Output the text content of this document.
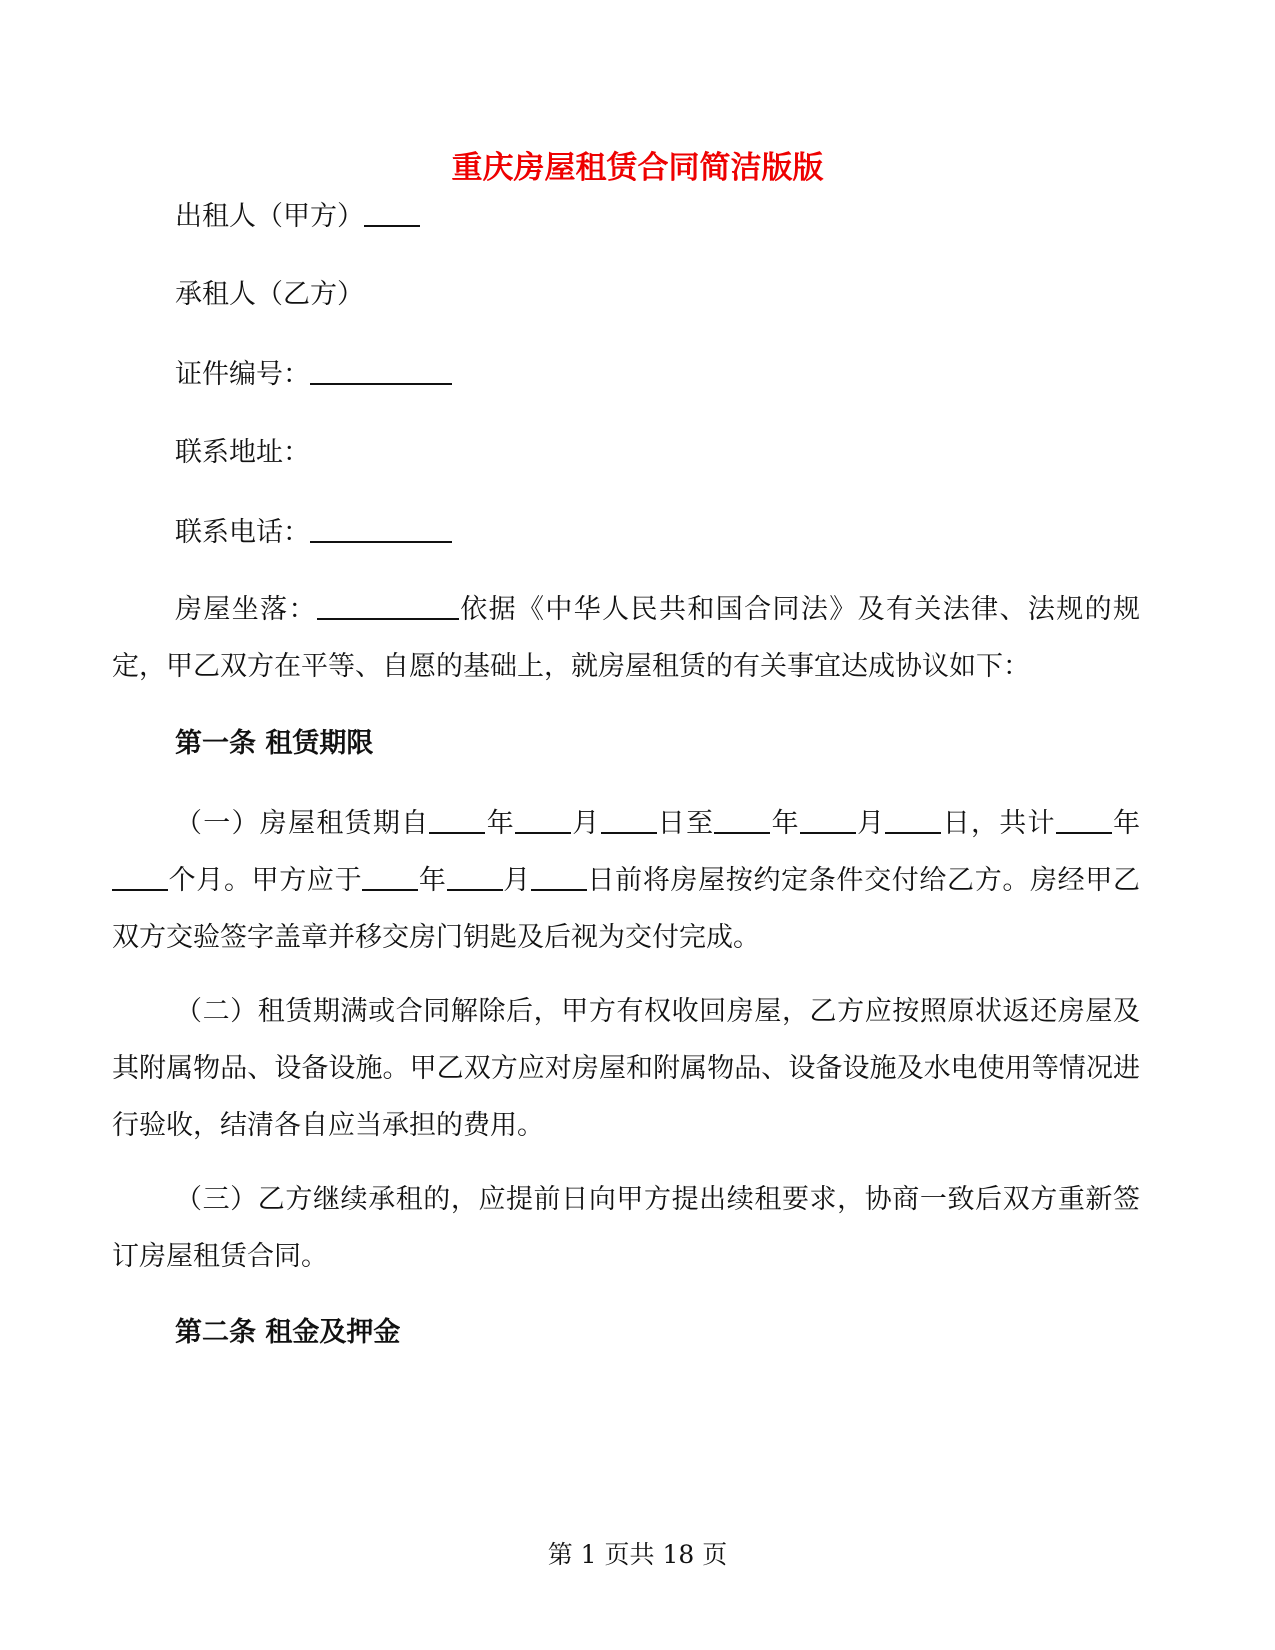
重庆房屋租赁合同简洁版版
出租人（甲方）
承租人（乙方）
证件编号：
联系地址：
联系电话：

房屋坐落：	依据《中华人民共和国合同法》及有关法律、法规的规定，甲乙双方在平等、自愿的基础上，就房屋租赁的有关事宜达成协议如下：

第一条 租赁期限

（一）房屋租赁期自 年 月 日至 年 月 日，共计 年个月。甲方应于 年 月 日前将房屋按约定条件交付给乙方。房经甲乙双方交验签字盖章并移交房门钥匙及后视为交付完成。

（二）租赁期满或合同解除后，甲方有权收回房屋，乙方应按照原状返还房屋及其附属物品、设备设施。甲乙双方应对房屋和附属物品、设备设施及水电使用等情况进行验收，结清各自应当承担的费用。

（三）乙方继续承租的，应提前日向甲方提出续租要求，协商一致后双方重新签订房屋租赁合同。

第二条 租金及押金
第 1 页共 18 页
